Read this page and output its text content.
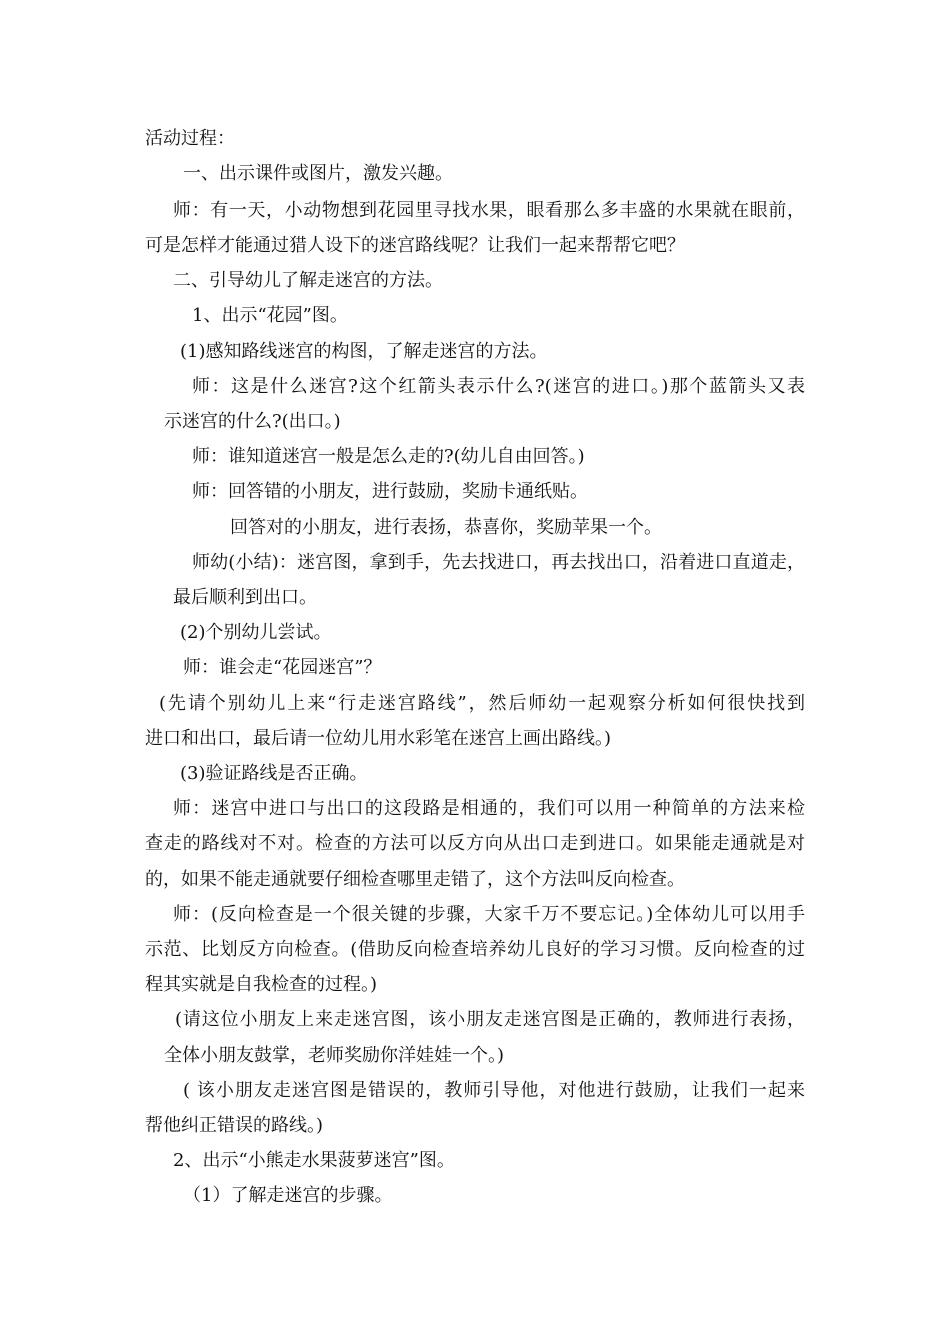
活动过程：
一、出示课件或图片，激发兴趣。
师：有一天，小动物想到花园里寻找水果，眼看那么多丰盛的水果就在眼前，
可是怎样才能通过猎人设下的迷宫路线呢？让我们一起来帮帮它吧？
二、引导幼儿了解走迷宫的方法。
1、出示“花园”图。
(1)感知路线迷宫的构图，了解走迷宫的方法。
师：这是什么迷宫?这个红箭头表示什么?(迷宫的进口。)那个蓝箭头又表
示迷宫的什么?(出口。)
师：谁知道迷宫一般是怎么走的?(幼儿自由回答。)
师：回答错的小朋友，进行鼓励，奖励卡通纸贴。
回答对的小朋友，进行表扬，恭喜你，奖励苹果一个。
师幼(小结)：迷宫图，拿到手，先去找进口，再去找出口，沿着进口直道走，
最后顺利到出口。
(2)个别幼儿尝试。
师：谁会走“花园迷宫”？
(先请个别幼儿上来“行走迷宫路线”，然后师幼一起观察分析如何很快找到
进口和出口，最后请一位幼儿用水彩笔在迷宫上画出路线。)
(3)验证路线是否正确。
师：迷宫中进口与出口的这段路是相通的，我们可以用一种简单的方法来检
查走的路线对不对。检查的方法可以反方向从出口走到进口。如果能走通就是对
的，如果不能走通就要仔细检查哪里走错了，这个方法叫反向检查。
师：(反向检查是一个很关键的步骤，大家千万不要忘记。)全体幼儿可以用手
示范、比划反方向检查。(借助反向检查培养幼儿良好的学习习惯。反向检查的过
程其实就是自我检查的过程。)
(请这位小朋友上来走迷宫图，该小朋友走迷宫图是正确的，教师进行表扬，
全体小朋友鼓掌，老师奖励你洋娃娃一个。)
( 该小朋友走迷宫图是错误的，教师引导他，对他进行鼓励，让我们一起来
帮他纠正错误的路线。)
2、出示“小熊走水果菠萝迷宫”图。
（1）了解走迷宫的步骤。
